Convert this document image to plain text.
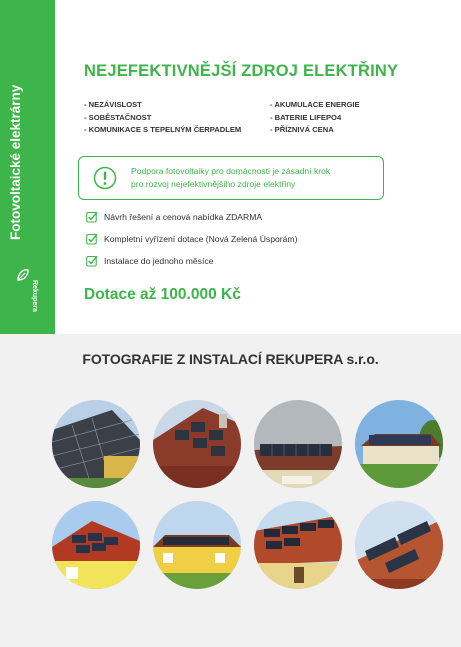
Fotovoltaické elektrárny
Rekupera
NEJEFEKTIVNĚJŠÍ ZDROJ ELEKTŘINY
- NEZÁVISLOST
- SOBĚSTAČNOST
- KOMUNIKACE S TEPELNÝM ČERPADLEM
- AKUMULACE ENERGIE
- BATERIE LIFEPO4
- PŘÍZNIVÁ CENA
Podpora fotovoltaiky pro domácnosti je zásadní krok
pro rozvoj nejefektivnějšího zdroje elektřiny
Návrh řešení a cenová nabídka ZDARMA
Kompletní vyřízení dotace (Nová Zelená Úsporám)
Instalace do jednoho měsíce
Dotace až 100.000 Kč
FOTOGRAFIE Z INSTALACÍ REKUPERA s.r.o.
